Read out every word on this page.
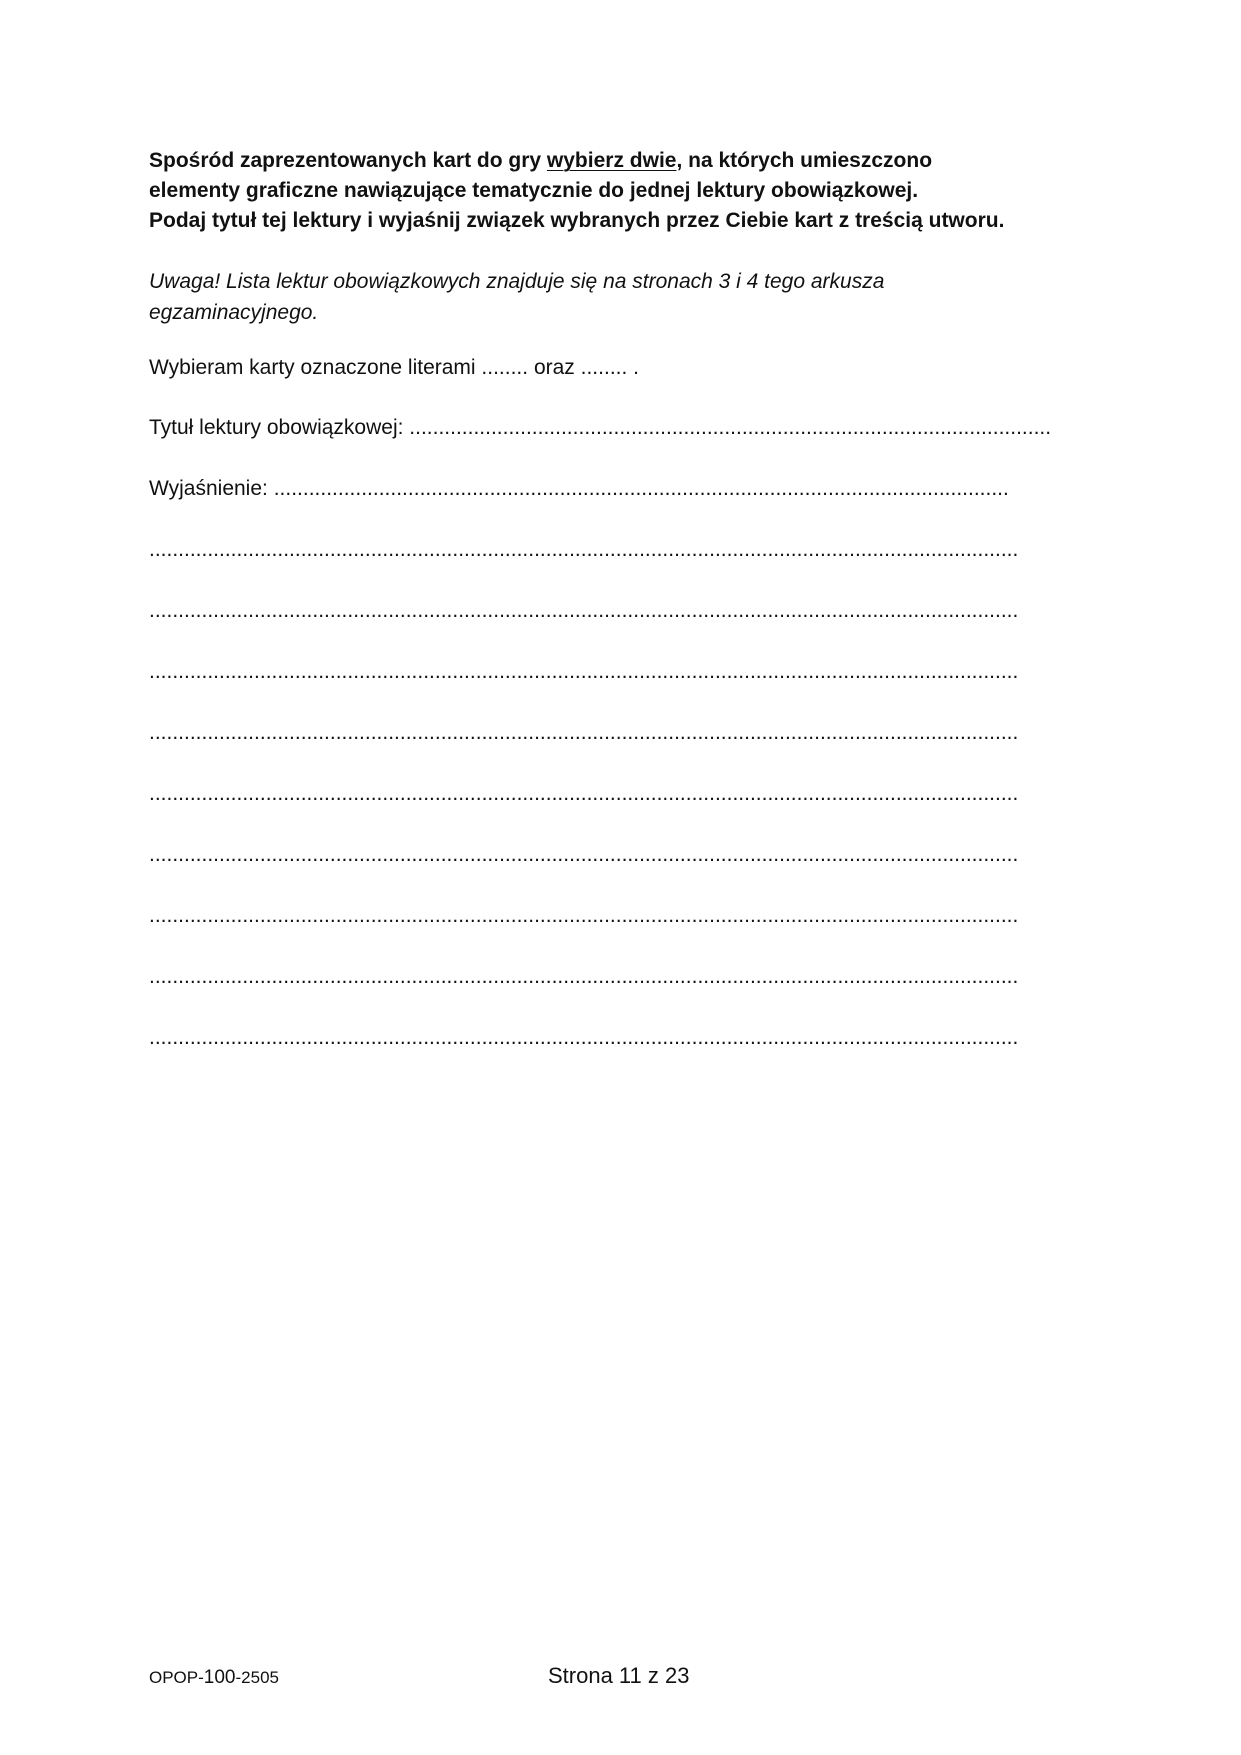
Spośród zaprezentowanych kart do gry wybierz dwie, na których umieszczono

elementy graficzne nawiązujące tematycznie do jednej lektury obowiązkowej.

Podaj tytuł tej lektury i wyjaśnij związek wybranych przez Ciebie kart z treścią utworu.

Uwaga! Lista lektur obowiązkowych znajduje się na stronach 3 i 4 tego arkusza
egzaminacyjnego.
Wybieram karty oznaczone literami ........ oraz ........ .
Tytuł lektury obowiązkowej: ..............................................................................................................
Wyjaśnienie: ..............................................................................................................................
.....................................................................................................................................................
.....................................................................................................................................................
.....................................................................................................................................................
.....................................................................................................................................................
.....................................................................................................................................................
.....................................................................................................................................................
.....................................................................................................................................................
.....................................................................................................................................................
.....................................................................................................................................................
OPOP-100-2505	Strona 11 z 23
